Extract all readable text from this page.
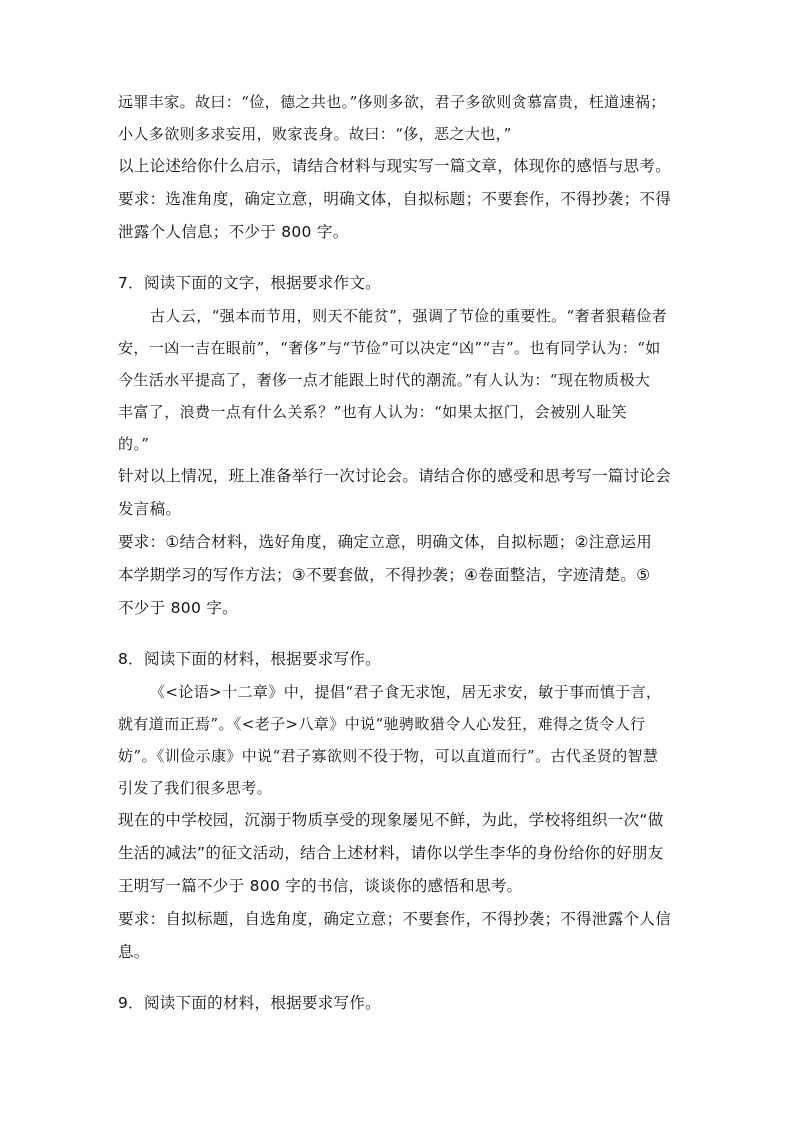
远罪丰家。故曰：“俭，德之共也。”侈则多欲，君子多欲则贪慕富贵，枉道速祸；
小人多欲则多求妄用，败家丧身。故曰：“侈，恶之大也，”
以上论述给你什么启示，请结合材料与现实写一篇文章，体现你的感悟与思考。
要求：选准角度，确定立意，明确文体，自拟标题；不要套作，不得抄袭；不得
泄露个人信息；不少于 800 字。
7．阅读下面的文字，根据要求作文。
古人云，“强本而节用，则天不能贫”，强调了节俭的重要性。“奢者狠藉俭者
安，一凶一吉在眼前”，“奢侈”与“节俭”可以决定“凶”“吉”。也有同学认为：“如
今生活水平提高了，奢侈一点才能跟上时代的潮流。”有人认为：“现在物质极大
丰富了，浪费一点有什么关系？”也有人认为：“如果太抠门，会被别人耻笑
的。”
针对以上情况，班上准备举行一次讨论会。请结合你的感受和思考写一篇讨论会
发言稿。
要求：①结合材料，选好角度，确定立意，明确文体，自拟标题；②注意运用
本学期学习的写作方法；③不要套做，不得抄袭；④卷面整洁，字迹清楚。⑤
不少于 800 字。
8．阅读下面的材料，根据要求写作。
《<论语>十二章》中，提倡“君子食无求饱，居无求安，敏于事而慎于言，
就有道而正焉”。《<老子>八章》中说“驰骋畋猎令人心发狂，难得之货令人行
妨”。《训俭示康》中说“君子寡欲则不役于物，可以直道而行”。古代圣贤的智慧
引发了我们很多思考。
现在的中学校园，沉溺于物质享受的现象屡见不鲜，为此，学校将组织一次“做
生活的减法”的征文活动，结合上述材料，请你以学生李华的身份给你的好朋友
王明写一篇不少于 800 字的书信，谈谈你的感悟和思考。
要求：自拟标题，自选角度，确定立意；不要套作，不得抄袭；不得泄露个人信
息。
9．阅读下面的材料，根据要求写作。
